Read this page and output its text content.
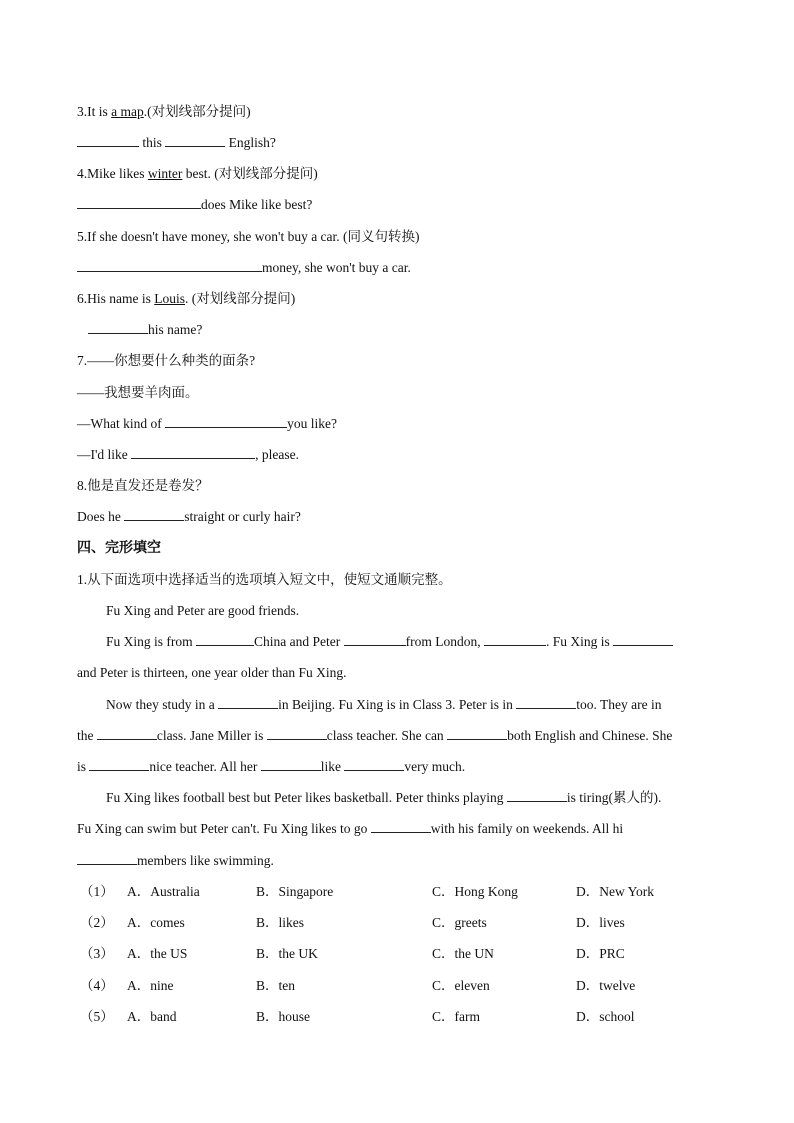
3.It is a map.(对划线部分提问)
this	English?
4.Mike likes winter best. (对划线部分提问)
does Mike like best?
5.If she doesn't have money, she won't buy a car. (同义句转换)
money, she won't buy a car.
6.His name is Louis. (对划线部分提问)
his name?
7.——你想要什么种类的面条?
——我想要羊肉面。
—What kind of	you like?
—I'd like	, please.
8.他是直发还是卷发？
Does he	straight or curly hair?
四、完形填空
1.从下面选项中选择适当的选项填入短文中，使短文通顺完整。
Fu Xing and Peter are good friends.
Fu Xing is from	China and Peter	from London,	. Fu Xing is
and Peter is thirteen, one year older than Fu Xing.
Now they study in a	in Beijing. Fu Xing is in Class 3. Peter is in	too. They are in
the	class. Jane Miller is	class teacher. She can	both English and Chinese. She
is	nice teacher. All her	like	very much.
Fu Xing likes football best but Peter likes basketball. Peter thinks playing	is tiring(累人的).
Fu Xing can swim but Peter can't. Fu Xing likes to go	with his family on weekends. All hi
members like swimming.
（1） A．Australia	B．Singapore	C．Hong Kong	D．New York
（2） A．comes	B．likes	C．greets	D．lives
（3） A．the US	B．the UK	C．the UN	D．PRC
（4） A．nine	B．ten	C．eleven	D．twelve
（5） A．band	B．house	C．farm	D．school
